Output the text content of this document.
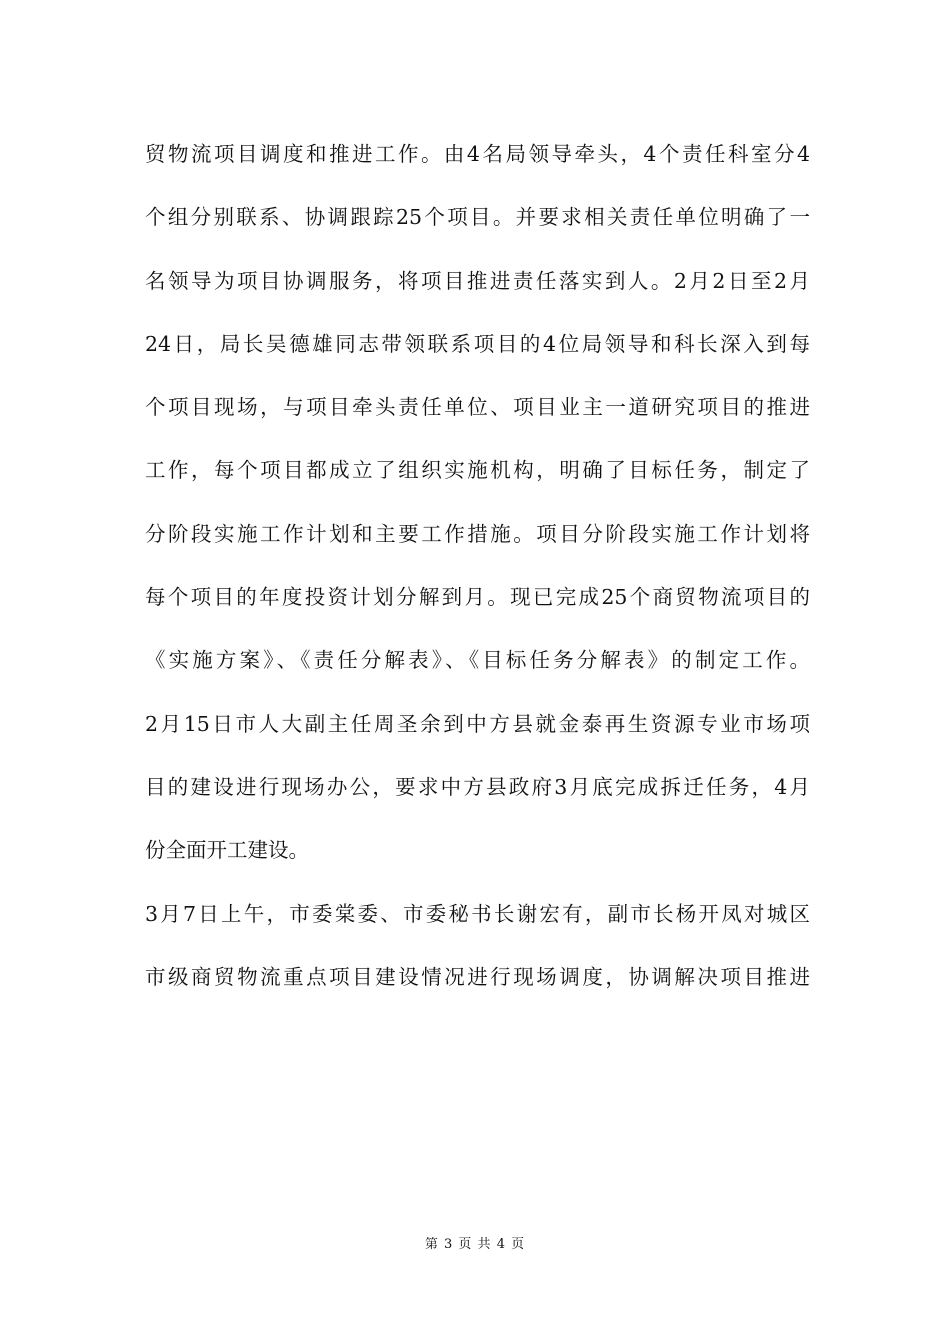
贸物流项目调度和推进工作。由4名局领导牵头，4个责任科室分4
个组分别联系、协调跟踪25个项目。并要求相关责任单位明确了一
名领导为项目协调服务，将项目推进责任落实到人。2月2日至2月
24日，局长吴德雄同志带领联系项目的4位局领导和科长深入到每
个项目现场，与项目牵头责任单位、项目业主一道研究项目的推进
工作，每个项目都成立了组织实施机构，明确了目标任务，制定了
分阶段实施工作计划和主要工作措施。项目分阶段实施工作计划将
每个项目的年度投资计划分解到月。现已完成25个商贸物流项目的
《实施方案》、《责任分解表》、《目标任务分解表》的制定工作。
2月15日市人大副主任周圣余到中方县就金泰再生资源专业市场项
目的建设进行现场办公，要求中方县政府3月底完成拆迁任务，4月
份全面开工建设。
3月7日上午，市委棠委、市委秘书长谢宏有，副市长杨开凤对城区
市级商贸物流重点项目建设情况进行现场调度，协调解决项目推进
第 3 页 共 4 页
